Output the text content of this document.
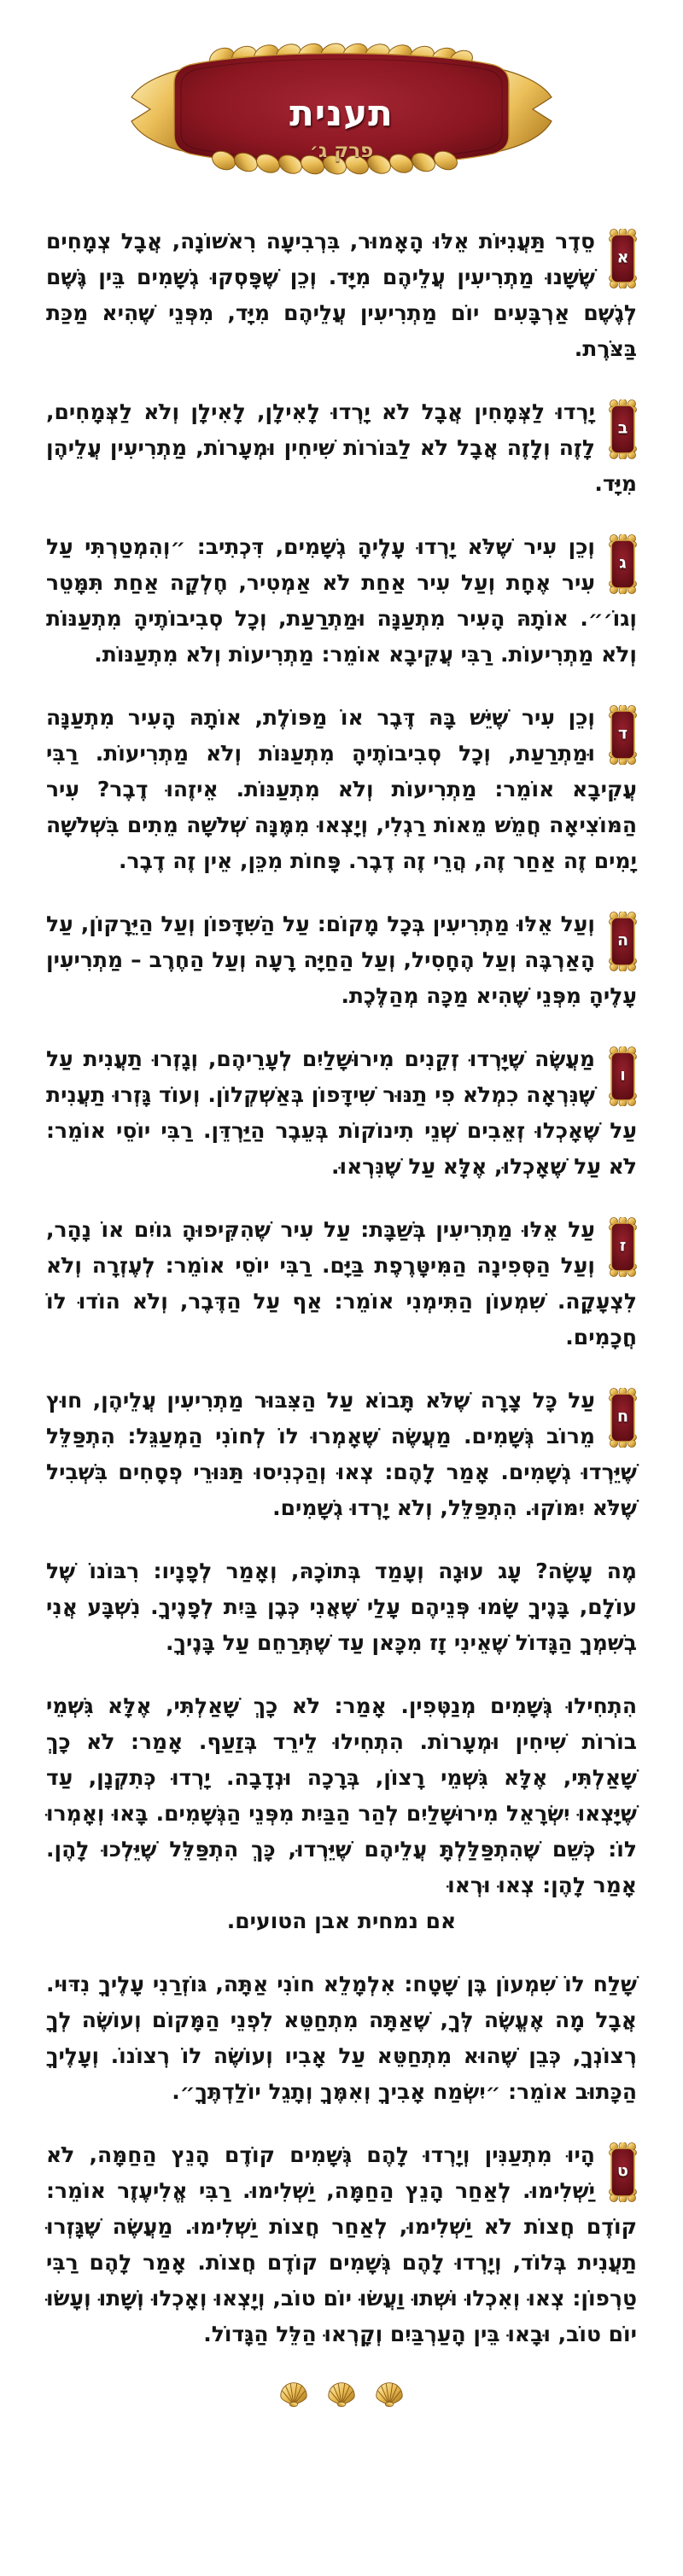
תענית
פרק ג׳
א
סֵדֶר תַּעֲנִיּוֹת אֵלּוּ הָאָמוּר, בִּרְבִיעָה רִאשׁוֹנָה, אֲבָל צְמָחִים שֶׁשָּׁנוּ מַתְרִיעִין עֲלֵיהֶם מִיָּד. וְכֵן שֶׁפָּסְקוּ גְשָׁמִים בֵּין גֶּשֶׁם לְגֶשֶׁם אַרְבָּעִים יוֹם מַתְרִיעִין עֲלֵיהֶם מִיָּד, מִפְּנֵי שֶׁהִיא מַכַּת בַּצֹּרֶת.
ב
יָרְדוּ לַצְּמָחִין אֲבָל לֹא יָרְדוּ לָאִילָן, לָאִילָן וְלֹא לַצְּמָחִים, לָזֶה וְלָזֶה אֲבָל לֹא לַבּוֹרוֹת שִׁיחִין וּמְעָרוֹת, מַתְרִיעִין עֲלֵיהֶן מִיָּד.
ג
וְכֵן עִיר שֶׁלֹּא יָרְדוּ עָלֶיהָ גְשָׁמִים, דִּכְתִיב: ״וְהִמְטַרְתִּי עַל עִיר אֶחָת וְעַל עִיר אַחַת לֹא אַמְטִיר, חֶלְקָה אַחַת תִּמָּטֵר וְגוֹ׳״. אוֹתָהּ הָעִיר מִתְעַנָּה וּמַתְרַעַת, וְכָל סְבִיבוֹתֶיהָ מִתְעַנּוֹת וְלֹא מַתְרִיעוֹת. רַבִּי עֲקִיבָא אוֹמֵר: מַתְרִיעוֹת וְלֹא מִתְעַנּוֹת.
ד
וְכֵן עִיר שֶׁיֵּשׁ בָּהּ דֶּבֶר אוֹ מַפּוֹלֶת, אוֹתָהּ הָעִיר מִתְעַנָּה וּמַתְרַעַת, וְכָל סְבִיבוֹתֶיהָ מִתְעַנּוֹת וְלֹא מַתְרִיעוֹת. רַבִּי עֲקִיבָא אוֹמֵר: מַתְרִיעוֹת וְלֹא מִתְעַנּוֹת. אֵיזֶהוּ דֶבֶר? עִיר הַמּוֹצִיאָה חֲמֵשׁ מֵאוֹת רַגְלִי, וְיָצְאוּ מִמֶּנָּה שְׁלֹשָׁה מֵתִים בִּשְׁלֹשָׁה יָמִים זֶה אַחַר זֶה, הֲרֵי זֶה דֶבֶר. פָּחוֹת מִכֵּן, אֵין זֶה דֶבֶר.
ה
וְעַל אֵלּוּ מַתְרִיעִין בְּכָל מָקוֹם: עַל הַשִּׁדָּפוֹן וְעַל הַיֵּרָקוֹן, עַל הָאַרְבֶּה וְעַל הֶחָסִיל, וְעַל הַחַיָּה רָעָה וְעַל הַחֶרֶב – מַתְרִיעִין עָלֶיהָ מִפְּנֵי שֶׁהִיא מַכָּה מְהַלֶּכֶת.
ו
מַעֲשֶׂה שֶׁיָּרְדוּ זְקֵנִים מִירוּשָׁלַיִם לְעָרֵיהֶם, וְגָזְרוּ תַעֲנִית עַל שֶׁנִּרְאָה כִמְלֹא פִי תַנּוּר שִׁידָּפוֹן בְּאַשְׁקְלוֹן. וְעוֹד גָּזְרוּ תַעֲנִית עַל שֶׁאָכְלוּ זְאֵבִים שְׁנֵי תִינוֹקוֹת בְּעֵבֶר הַיַּרְדֵּן. רַבִּי יוֹסֵי אוֹמֵר: לֹא עַל שֶׁאָכְלוּ, אֶלָּא עַל שֶׁנִּרְאוּ.
ז
עַל אֵלּוּ מַתְרִיעִין בְּשַׁבָּת: עַל עִיר שֶׁהִקִּיפוּהָ גוֹיִם אוֹ נָהָר, וְעַל הַסְּפִינָה הַמִּיטָּרֶפֶת בַּיָּם. רַבִּי יוֹסֵי אוֹמֵר: לְעֶזְרָה וְלֹא לִצְעָקָה. שִׁמְעוֹן הַתִּימְנִי אוֹמֵר: אַף עַל הַדֶּבֶר, וְלֹא הוֹדוּ לוֹ חֲכָמִים.
ח
עַל כָּל צָרָה שֶׁלֹּא תָּבוֹא עַל הַצִּבּוּר מַתְרִיעִין עֲלֵיהֶן, חוּץ מֵרוֹב גְּשָׁמִים. מַעֲשֶׂה שֶׁאָמְרוּ לוֹ לְחוֹנִי הַמְעַגֵּל: הִתְפַּלֵּל שֶׁיֵּרְדוּ גְשָׁמִים. אָמַר לָהֶם: צְאוּ וְהַכְנִיסוּ תַּנּוּרֵי פְסָחִים בִּשְׁבִיל שֶׁלֹּא יִמּוֹקוּ. הִתְפַּלֵּל, וְלֹא יָרְדוּ גְשָׁמִים.
מֶה עָשָׂה? עָג עוּגָה וְעָמַד בְּתוֹכָהּ, וְאָמַר לְפָנָיו: רִבּוֹנוֹ שֶׁל עוֹלָם, בָּנֶיךָ שָׂמוּ פְּנֵיהֶם עָלַי שֶׁאֲנִי כְּבֶן בַּיִת לְפָנֶיךָ. נִשְׁבָּע אֲנִי בְשִׁמְךָ הַגָּדוֹל שֶׁאֵינִי זָז מִכָּאן עַד שֶׁתְּרַחֵם עַל בָּנֶיךָ.
הִתְחִילוּ גְּשָׁמִים מְנַטְּפִין. אָמַר: לֹא כָךְ שָׁאַלְתִּי, אֶלָּא גִּשְׁמֵי בוֹרוֹת שִׁיחִין וּמְעָרוֹת. הִתְחִילוּ לֵירֵד בְּזַעַף. אָמַר: לֹא כָךְ שָׁאַלְתִּי, אֶלָּא גִּשְׁמֵי רָצוֹן, בְּרָכָה וּנְדָבָה. יָרְדוּ כְּתִקְנָן, עַד שֶׁיָּצְאוּ יִשְׂרָאֵל מִירוּשָׁלַיִם לְהַר הַבַּיִת מִפְּנֵי הַגְּשָׁמִים. בָּאוּ וְאָמְרוּ לוֹ: כְּשֵׁם שֶׁהִתְפַּלַּלְתָּ עֲלֵיהֶם שֶׁיֵּרְדוּ, כָּךְ הִתְפַּלֵּל שֶׁיֵּלְכוּ לָהֶן. אָמַר לָהֶן: צְאוּ וּרְאוּ
אם נמחית אבן הטועים.
שָׁלַח לוֹ שִׁמְעוֹן בֶּן שָׁטָח: אִלְמָלֵא חוֹנִי אַתָּה, גּוֹזְרַנִי עָלֶיךָ נִדּוּי. אֲבָל מָה אֶעֱשֶׂה לְּךָ, שֶׁאַתָּה מִתְחַטֵּא לִפְנֵי הַמָּקוֹם וְעוֹשֶׂה לְךָ רְצוֹנְךָ, כְּבֵן שֶׁהוּא מִתְחַטֵּא עַל אָבִיו וְעוֹשֶׂה לוֹ רְצוֹנוֹ. וְעָלֶיךָ הַכָּתוּב אוֹמֵר: ״יִשְׂמַח אָבִיךָ וְאִמֶּךָ וְתָגֵל יוֹלַדְתֶּךָ״.
ט
הָיוּ מִתְעַנִּין וְיָרְדוּ לָהֶם גְּשָׁמִים קוֹדֶם הָנֵץ הַחַמָּה, לֹא יַשְׁלִימוּ. לְאַחַר הָנֵץ הַחַמָּה, יַשְׁלִימוּ. רַבִּי אֱלִיעֶזֶר אוֹמֵר: קוֹדֶם חֲצוֹת לֹא יַשְׁלִימוּ, לְאַחַר חֲצוֹת יַשְׁלִימוּ. מַעֲשֶׂה שֶׁגָּזְרוּ תַעֲנִית בְּלוֹד, וְיָרְדוּ לָהֶם גְּשָׁמִים קוֹדֶם חֲצוֹת. אָמַר לָהֶם רַבִּי טַרְפוֹן: צְאוּ וְאִכְלוּ וּשְׁתוּ וַעֲשׂוּ יוֹם טוֹב, וְיָצְאוּ וְאָכְלוּ וְשָׁתוּ וְעָשׂוּ יוֹם טוֹב, וּבָאוּ בֵּין הָעַרְבַּיִם וְקָרְאוּ הַלֵּל הַגָּדוֹל.
